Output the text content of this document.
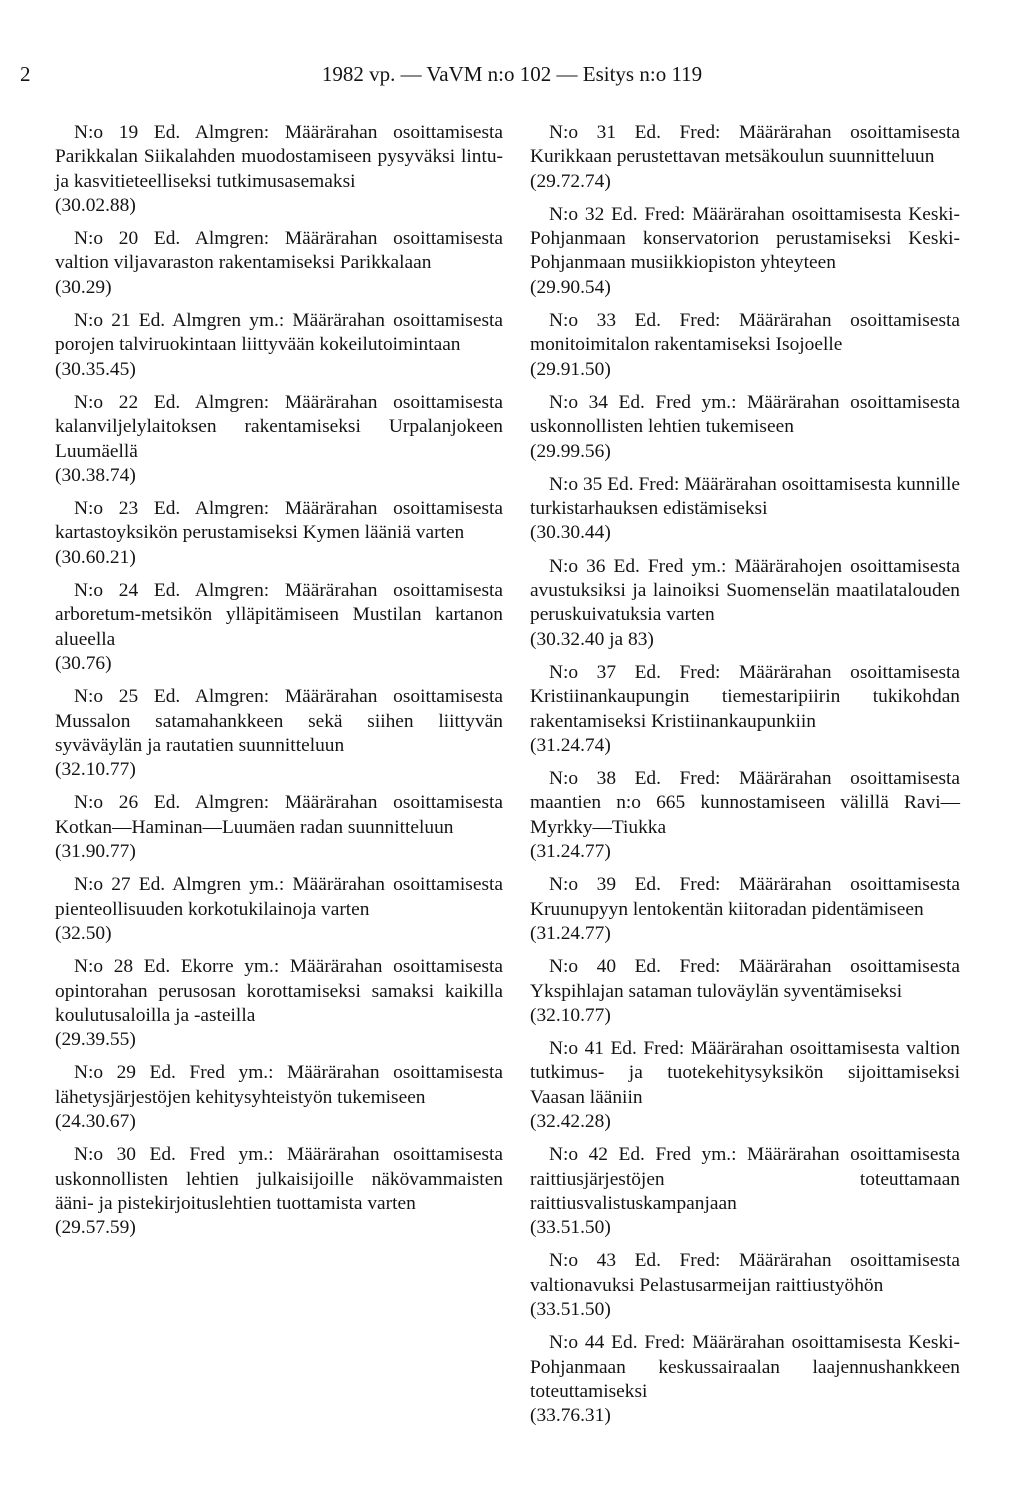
2	1982 vp. — VaVM n:o 102 — Esitys n:o 119
N:o 19 Ed. Almgren: Määrärahan osoittamisesta Parikkalan Siikalahden muodostamiseen pysyväksi lintu- ja kasvitieteelliseksi tutkimusasemaksi
(30.02.88)
N:o 20 Ed. Almgren: Määrärahan osoittamisesta valtion viljavaraston rakentamiseksi Parikkalaan
(30.29)
N:o 21 Ed. Almgren ym.: Määrärahan osoittamisesta porojen talviruokintaan liittyvään kokeilutoimintaan
(30.35.45)
N:o 22 Ed. Almgren: Määrärahan osoittamisesta kalanviljelylaitoksen rakentamiseksi Urpalanjokeen Luumäellä
(30.38.74)
N:o 23 Ed. Almgren: Määrärahan osoittamisesta kartastoyksikön perustamiseksi Kymen lääniä varten
(30.60.21)
N:o 24 Ed. Almgren: Määrärahan osoittamisesta arboretum-metsikön ylläpitämiseen Mustilan kartanon alueella
(30.76)
N:o 25 Ed. Almgren: Määrärahan osoittamisesta Mussalon satamahankkeen sekä siihen liittyvän syväväylän ja rautatien suunnitteluun
(32.10.77)
N:o 26 Ed. Almgren: Määrärahan osoittamisesta Kotkan—Haminan—Luumäen radan suunnitteluun
(31.90.77)
N:o 27 Ed. Almgren ym.: Määrärahan osoittamisesta pienteollisuuden korkotukilainoja varten
(32.50)
N:o 28 Ed. Ekorre ym.: Määrärahan osoittamisesta opintorahan perusosan korottamiseksi samaksi kaikilla koulutusaloilla ja -asteilla
(29.39.55)
N:o 29 Ed. Fred ym.: Määrärahan osoittamisesta lähetysjärjestöjen kehitysyhteistyön tukemiseen
(24.30.67)
N:o 30 Ed. Fred ym.: Määrärahan osoittamisesta uskonnollisten lehtien julkaisijoille näkövammaisten ääni- ja pistekirjoituslehtien tuottamista varten
(29.57.59)
N:o 31 Ed. Fred: Määrärahan osoittamisesta Kurikkaan perustettavan metsäkoulun suunnitteluun
(29.72.74)
N:o 32 Ed. Fred: Määrärahan osoittamisesta Keski-Pohjanmaan konservatorion perustamiseksi Keski-Pohjanmaan musiikkiopiston yhteyteen
(29.90.54)
N:o 33 Ed. Fred: Määrärahan osoittamisesta monitoimitalon rakentamiseksi Isojoelle
(29.91.50)
N:o 34 Ed. Fred ym.: Määrärahan osoittamisesta uskonnollisten lehtien tukemiseen
(29.99.56)
N:o 35 Ed. Fred: Määrärahan osoittamisesta kunnille turkistarhauksen edistämiseksi
(30.30.44)
N:o 36 Ed. Fred ym.: Määrärahojen osoittamisesta avustuksiksi ja lainoiksi Suomenselän maatilatalouden peruskuivatuksia varten
(30.32.40 ja 83)
N:o 37 Ed. Fred: Määrärahan osoittamisesta Kristiinankaupungin tiemestaripiirin tukikohdan rakentamiseksi Kristiinankaupunkiin
(31.24.74)
N:o 38 Ed. Fred: Määrärahan osoittamisesta maantien n:o 665 kunnostamiseen välillä Ravi—Myrkky—Tiukka
(31.24.77)
N:o 39 Ed. Fred: Määrärahan osoittamisesta Kruunupyyn lentokentän kiitoradan pidentämiseen
(31.24.77)
N:o 40 Ed. Fred: Määrärahan osoittamisesta Ykspihlajan sataman tuloväylän syventämiseksi
(32.10.77)
N:o 41 Ed. Fred: Määrärahan osoittamisesta valtion tutkimus- ja tuotekehitysyksikön sijoittamiseksi Vaasan lääniin
(32.42.28)
N:o 42 Ed. Fred ym.: Määrärahan osoittamisesta raittiusjärjestöjen toteuttamaan raittiusvalistuskampanjaan
(33.51.50)
N:o 43 Ed. Fred: Määrärahan osoittamisesta valtionavuksi Pelastusarmeijan raittiustyöhön
(33.51.50)
N:o 44 Ed. Fred: Määrärahan osoittamisesta Keski-Pohjanmaan keskussairaalan laajennushankkeen toteuttamiseksi
(33.76.31)
